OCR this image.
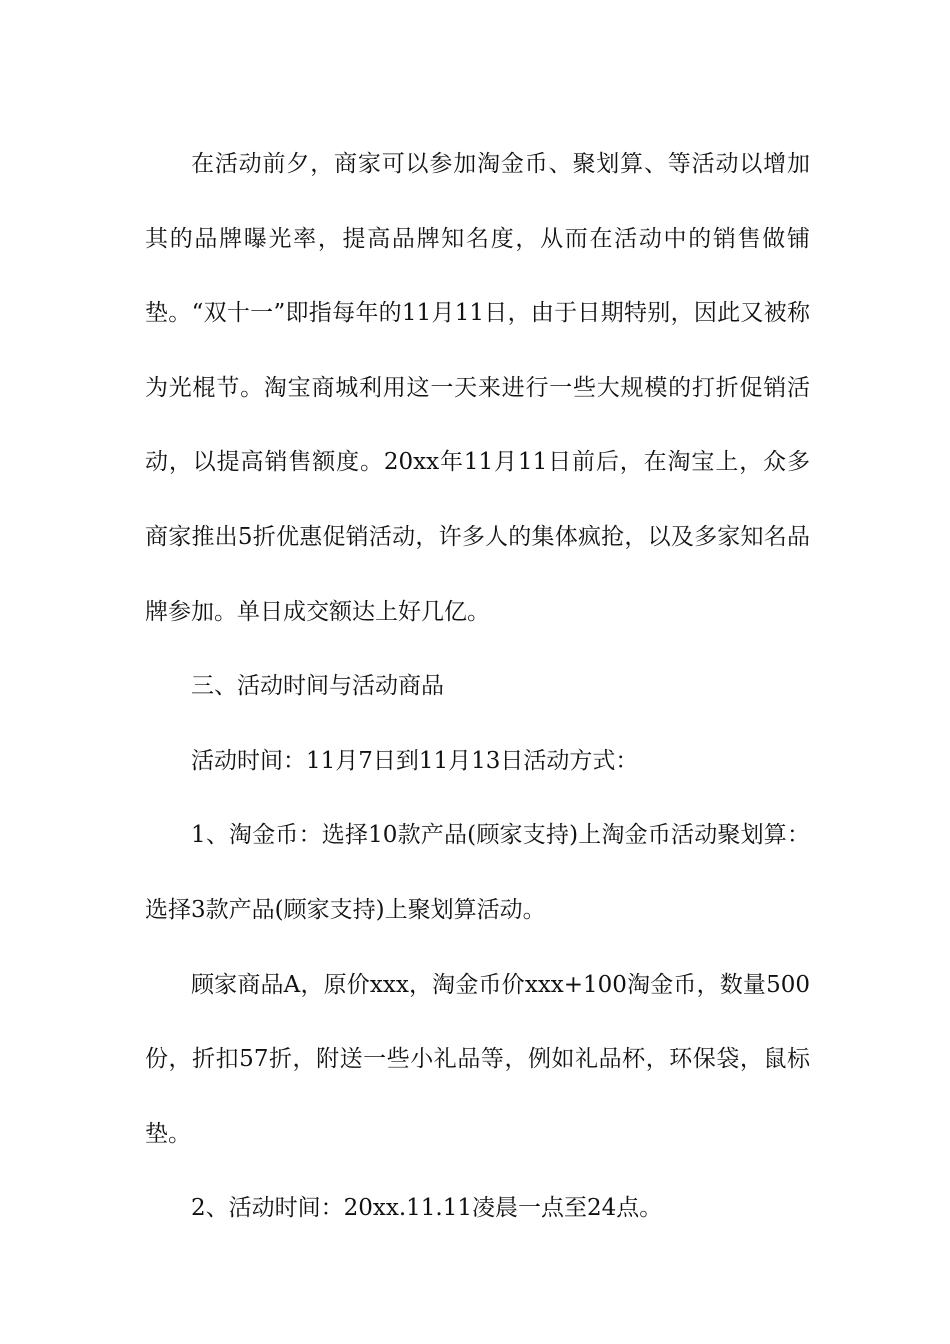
在活动前夕，商家可以参加淘金币、聚划算、等活动以增加其的品牌曝光率，提高品牌知名度，从而在活动中的销售做铺垫。“双十一”即指每年的11月11日，由于日期特别，因此又被称为光棍节。淘宝商城利用这一天来进行一些大规模的打折促销活动，以提高销售额度。20xx年11月11日前后，在淘宝上，众多商家推出5折优惠促销活动，许多人的集体疯抢，以及多家知名品牌参加。单日成交额达上好几亿。

三、活动时间与活动商品

活动时间：11月7日到11月13日活动方式：

1、淘金币：选择10款产品(顾家支持)上淘金币活动聚划算：选择3款产品(顾家支持)上聚划算活动。

顾家商品A，原价xxx，淘金币价xxx+100淘金币，数量500份，折扣57折，附送一些小礼品等，例如礼品杯，环保袋，鼠标垫。

2、活动时间：20xx.11.11凌晨一点至24点。
